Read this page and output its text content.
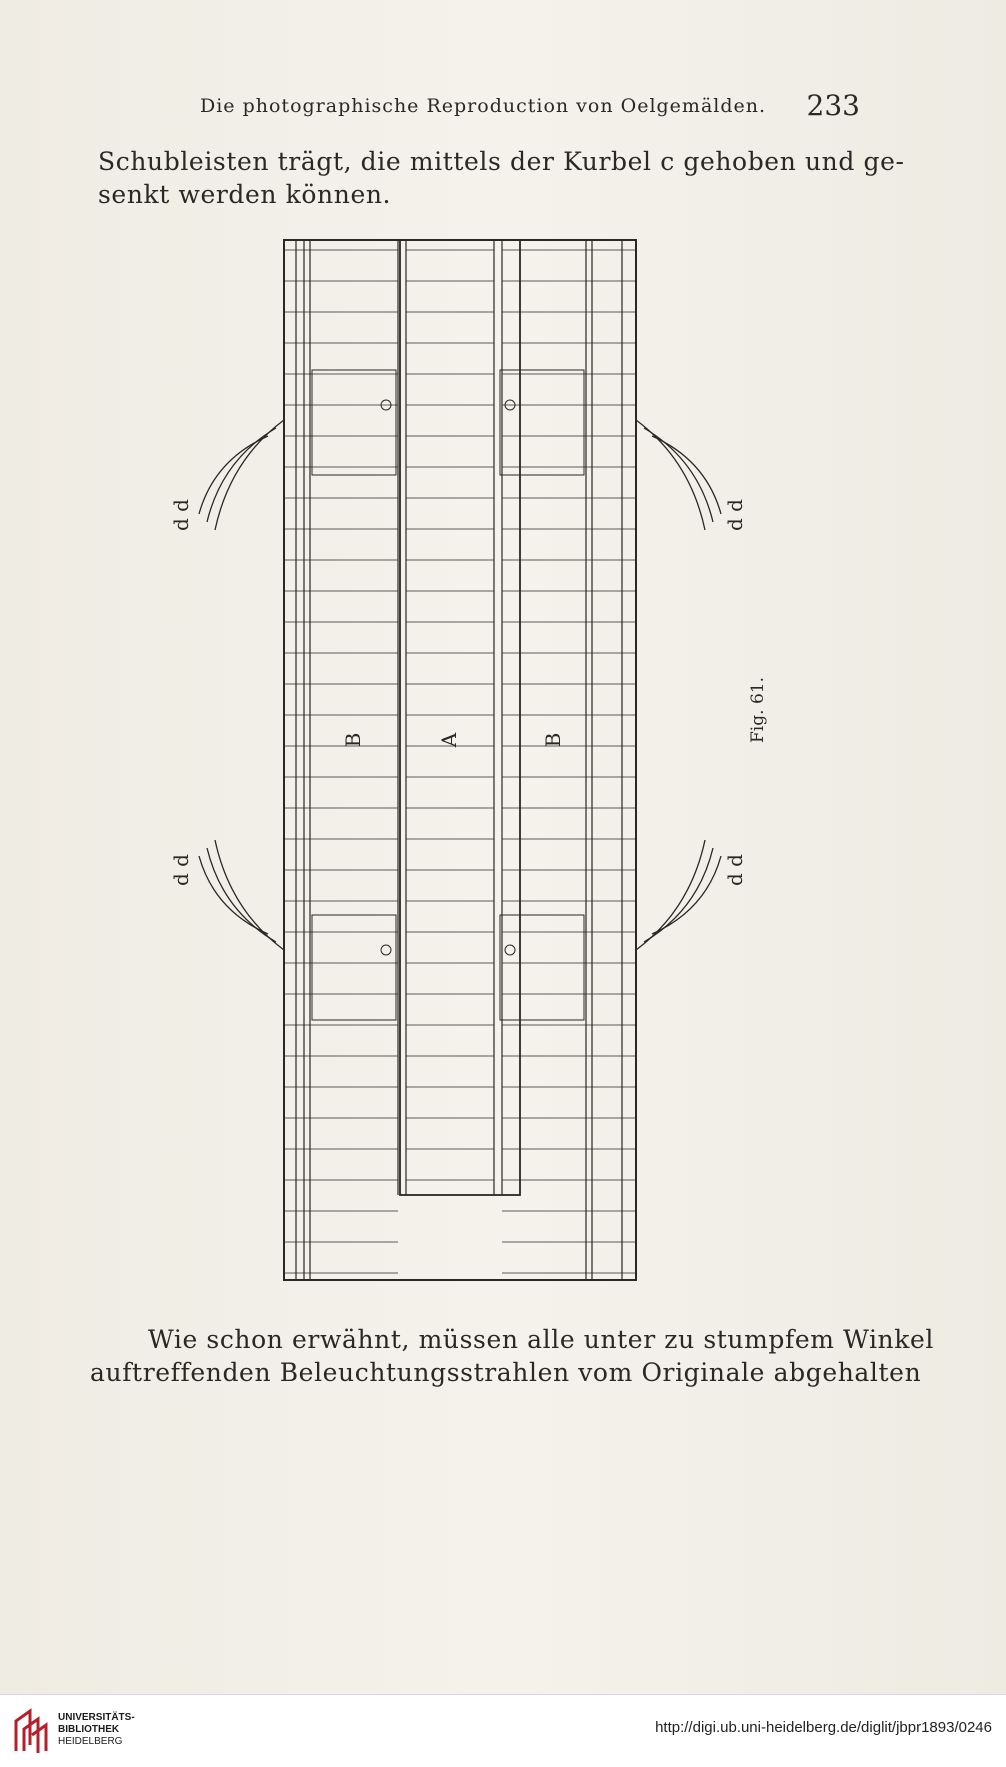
Die photographische Reproduction von Oelgemälden. 233
Schubleisten trägt, die mittels der Kurbel c gehoben und ge-
senkt werden können.
A
B	B
d d	d d
d d	d d
Fig. 61.
Wie schon erwähnt, müssen alle unter zu stumpfem Winkel
auftreffenden Beleuchtungsstrahlen vom Originale abgehalten
UNIVERSITÄTS-
BIBLIOTHEK
HEIDELBERG
http://digi.ub.uni-heidelberg.de/diglit/jbpr1893/0246
